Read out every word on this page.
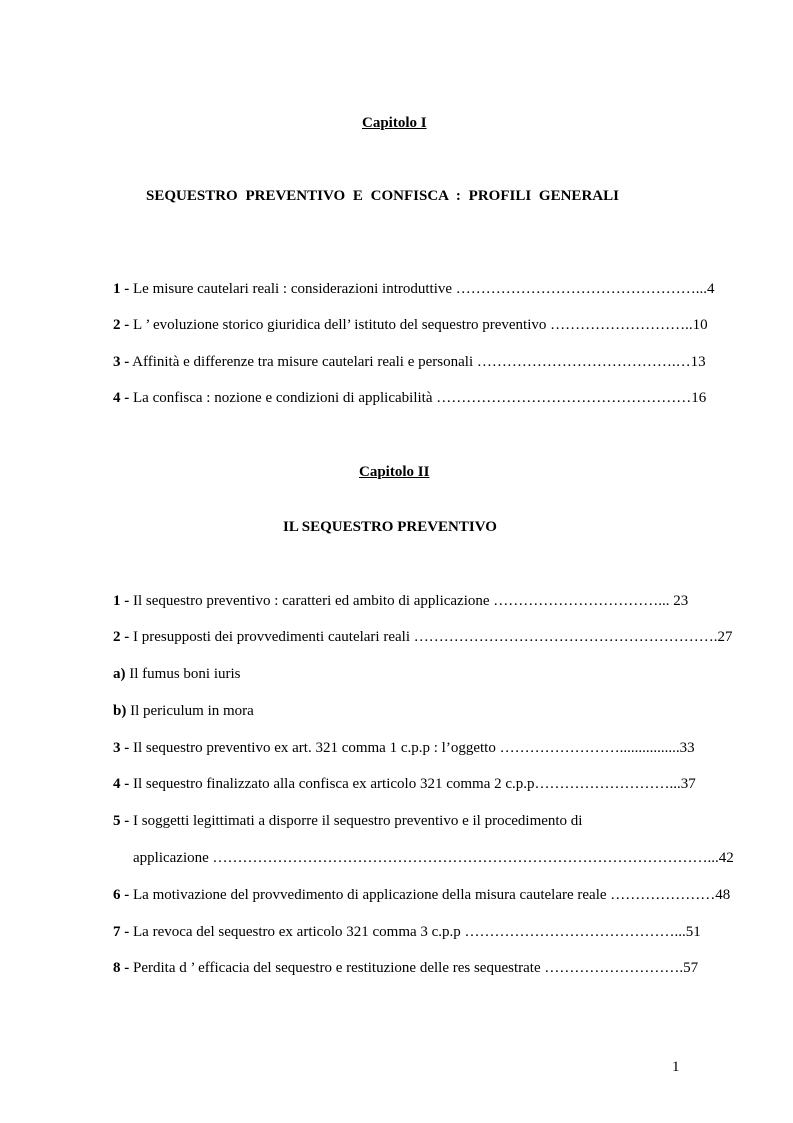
Capitolo I
SEQUESTRO PREVENTIVO E CONFISCA : PROFILI GENERALI
1 - Le misure cautelari reali : considerazioni introduttive …………………………………………...4
2 - L ’ evoluzione storico giuridica dell’ istituto del sequestro preventivo ………………………..10
3 - Affinità e differenze tra misure cautelari reali e personali ………………………………….…13
4 - La confisca : nozione e condizioni di applicabilità ……………………………………………16
Capitolo II
IL SEQUESTRO PREVENTIVO
1 - Il sequestro preventivo : caratteri ed ambito di applicazione ……………………………... 23
2 - I presupposti dei provvedimenti cautelari reali …………………………………………………….27
a) Il fumus boni iuris
b) Il periculum in mora
3 - Il sequestro preventivo ex art. 321 comma 1 c.p.p : l’oggetto ……………………................33
4 - Il sequestro finalizzato alla confisca ex articolo 321 comma 2 c.p.p………………………...37
5 - I soggetti legittimati a disporre il sequestro preventivo e il procedimento di
applicazione ………………………………………………………………………………………...42
6 - La motivazione del provvedimento di applicazione della misura cautelare reale …………………48
7 - La revoca del sequestro ex articolo 321 comma 3 c.p.p ……………………………………...51
8 - Perdita d ’ efficacia del sequestro e restituzione delle res sequestrate ……………………….57
1
